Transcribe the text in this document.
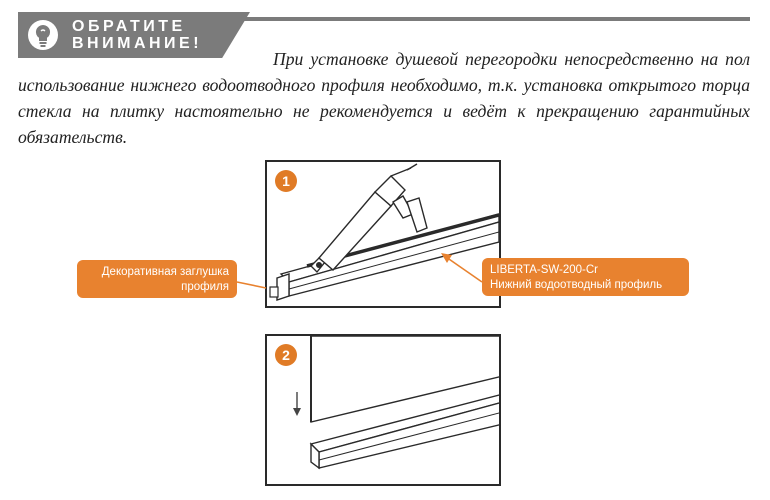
ОБРАТИТЕ
ВНИМАНИЕ!
При установке душевой перегородки непосредственно на пол использование нижнего водоотводного профиля необходимо, т.к. установка открытого торца стекла на плитку настоятельно не рекомендуется и ведёт к прекращению гарантийных обязательств.
1
2
Декоративная заглушка
профиля
LIBERTA-SW-200-Cr
Нижний водоотводный профиль
